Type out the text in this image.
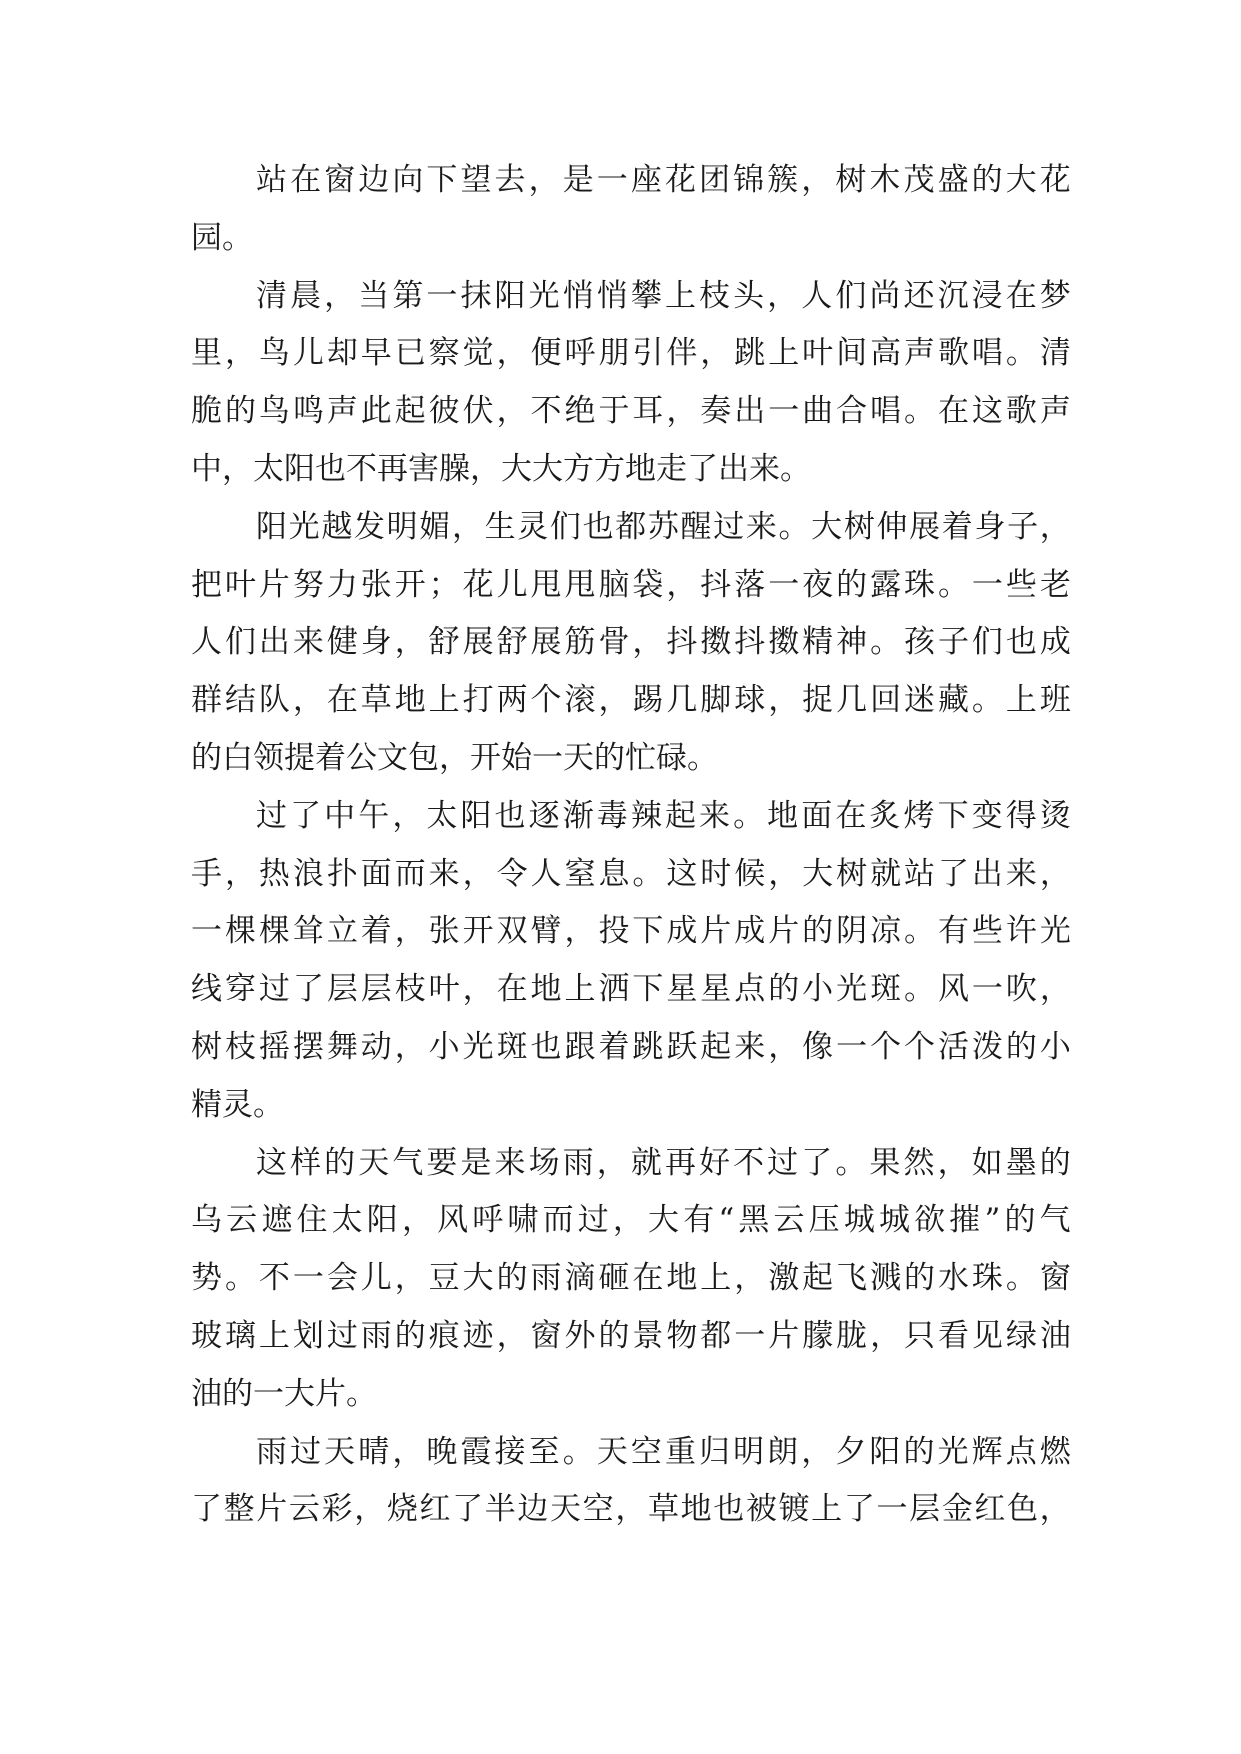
站 在 窗 边 向 下 望 去 ， 是 一 座 花 团 锦 簇 ， 树 木 茂 盛 的 大 花
园。
清 晨 ， 当 第 一 抹 阳 光 悄 悄 攀 上 枝 头 ， 人 们 尚 还 沉 浸 在 梦
里 ， 鸟 儿 却 早 已 察 觉 ， 便 呼 朋 引 伴 ， 跳 上 叶 间 高 声 歌 唱 。 清
脆 的 鸟 鸣 声 此 起 彼 伏 ， 不 绝 于 耳 ， 奏 出 一 曲 合 唱 。 在 这 歌 声
中，太阳也不再害臊，大大方方地走了出来。
阳 光 越 发 明 媚 ， 生 灵 们 也 都 苏 醒 过 来 。 大 树 伸 展 着 身 子 ，
把 叶 片 努 力 张 开 ； 花 儿 甩 甩 脑 袋 ， 抖 落 一 夜 的 露 珠 。 一 些 老
人 们 出 来 健 身 ， 舒 展 舒 展 筋 骨 ， 抖 擞 抖 擞 精 神 。 孩 子 们 也 成
群 结 队 ， 在 草 地 上 打 两 个 滚 ， 踢 几 脚 球 ， 捉 几 回 迷 藏 。 上 班
的白领提着公文包，开始一天的忙碌。
过 了 中 午 ， 太 阳 也 逐 渐 毒 辣 起 来 。 地 面 在 炙 烤 下 变 得 烫
手 ， 热 浪 扑 面 而 来 ， 令 人 窒 息 。 这 时 候 ， 大 树 就 站 了 出 来 ，
一 棵 棵 耸 立 着 ， 张 开 双 臂 ， 投 下 成 片 成 片 的 阴 凉 。 有 些 许 光
线 穿 过 了 层 层 枝 叶 ， 在 地 上 洒 下 星 星 点 的 小 光 斑 。 风 一 吹 ，
树 枝 摇 摆 舞 动 ， 小 光 斑 也 跟 着 跳 跃 起 来 ， 像 一 个 个 活 泼 的 小
精灵。
这 样 的 天 气 要 是 来 场 雨 ， 就 再 好 不 过 了 。 果 然 ， 如 墨 的
乌 云 遮 住 太 阳 ， 风 呼 啸 而 过 ， 大 有 “ 黑 云 压 城 城 欲 摧 ” 的 气
势 。 不 一 会 儿 ， 豆 大 的 雨 滴 砸 在 地 上 ， 激 起 飞 溅 的 水 珠 。 窗
玻 璃 上 划 过 雨 的 痕 迹 ， 窗 外 的 景 物 都 一 片 朦 胧 ， 只 看 见 绿 油
油的一大片。
雨 过 天 晴 ， 晚 霞 接 至 。 天 空 重 归 明 朗 ， 夕 阳 的 光 辉 点 燃
了 整 片 云 彩 ， 烧 红 了 半 边 天 空 ， 草 地 也 被 镀 上 了 一 层 金 红 色 ，
